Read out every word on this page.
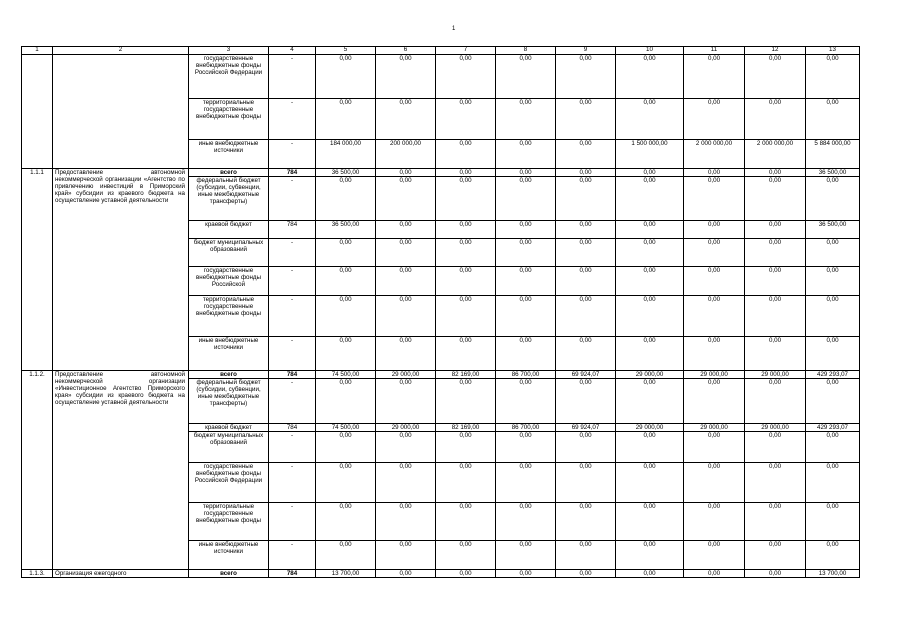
1
1	2	3	4	5	6	7	8	9	10	11	12	13
		государственные внебюджетные фонды Российской Федерации	-	0,00	0,00	0,00	0,00	0,00	0,00	0,00	0,00	0,00
		территориальные государственные внебюджетные фонды	-	0,00	0,00	0,00	0,00	0,00	0,00	0,00	0,00	0,00
		иные внебюджетные источники	-	184 000,00	200 000,00	0,00	0,00	0,00	1 500 000,00	2 000 000,00	2 000 000,00	5 884 000,00
1.1.1	Предоставление автономной некоммерческой организации «Агентство по привлечению инвестиций в Приморский край» субсидии из краевого бюджета на осуществление уставной деятельности	всего	784	36 500,00	0,00	0,00	0,00	0,00	0,00	0,00	0,00	36 500,00
		федеральный бюджет (субсидии, субвенции, иные межбюджетные трансферты)	-	0,00	0,00	0,00	0,00	0,00	0,00	0,00	0,00	0,00
		краевой бюджет	784	36 500,00	0,00	0,00	0,00	0,00	0,00	0,00	0,00	36 500,00
		бюджет муниципальных образований	-	0,00	0,00	0,00	0,00	0,00	0,00	0,00	0,00	0,00
		государственные внебюджетные фонды Российской	-	0,00	0,00	0,00	0,00	0,00	0,00	0,00	0,00	0,00
		территориальные государственные внебюджетные фонды	-	0,00	0,00	0,00	0,00	0,00	0,00	0,00	0,00	0,00
		иные внебюджетные источники	-	0,00	0,00	0,00	0,00	0,00	0,00	0,00	0,00	0,00
1.1.2.	Предоставление автономной некоммерческой организации «Инвестиционное Агентство Приморского края» субсидии из краевого бюджета на осуществление уставной деятельности	всего	784	74 500,00	29 000,00	82 169,00	86 700,00	69 924,07	29 000,00	29 000,00	29 000,00	429 293,07
		федеральный бюджет (субсидии, субвенции, иные межбюджетные трансферты)	-	0,00	0,00	0,00	0,00	0,00	0,00	0,00	0,00	0,00
		краевой бюджет	784	74 500,00	29 000,00	82 169,00	86 700,00	69 924,07	29 000,00	29 000,00	29 000,00	429 293,07
		бюджет муниципальных образований	-	0,00	0,00	0,00	0,00	0,00	0,00	0,00	0,00	0,00
		государственные внебюджетные фонды Российской Федерации	-	0,00	0,00	0,00	0,00	0,00	0,00	0,00	0,00	0,00
		территориальные государственные внебюджетные фонды	-	0,00	0,00	0,00	0,00	0,00	0,00	0,00	0,00	0,00
		иные внебюджетные источники	-	0,00	0,00	0,00	0,00	0,00	0,00	0,00	0,00	0,00
1.1.3.	Организация ежегодного	всего	784	13 700,00	0,00	0,00	0,00	0,00	0,00	0,00	0,00	13 700,00
